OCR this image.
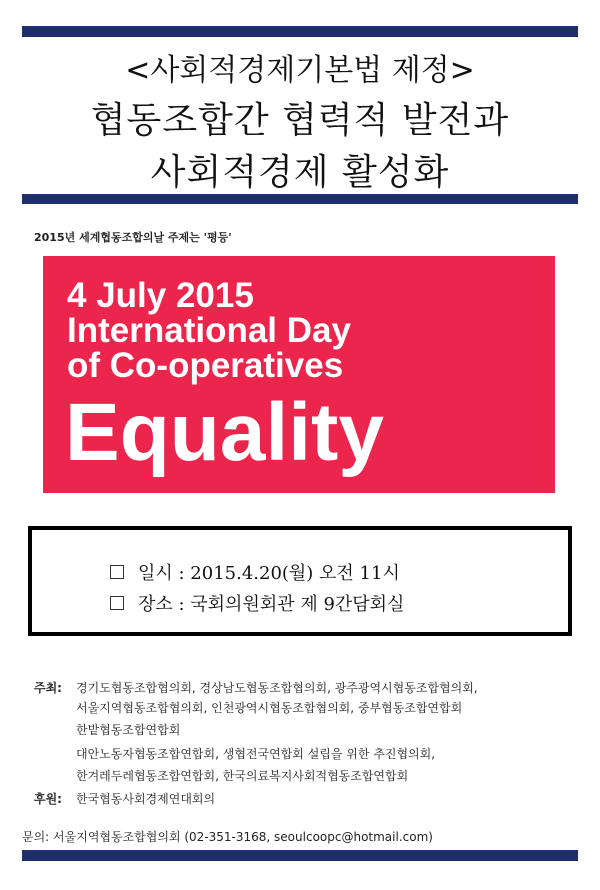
<사회적경제기본법 제정>
협동조합간 협력적 발전과
사회적경제 활성화
2015년 세계협동조합의날 주제는 '평등'
4 July 2015
International Day
of Co-operatives
Equality
일시 : 2015.4.20(월) 오전 11시
장소 : 국회의원회관 제 9간담회실
주최: 경기도협동조합협의회, 경상남도협동조합협의회, 광주광역시협동조합협의회,
서울지역협동조합협의회, 인천광역시협동조합협의회, 중부협동조합연합회
한밭협동조합연합회
대안노동자협동조합연합회, 생협전국연합회 설립을 위한 추진협의회,
한겨레두레협동조합연합회, 한국의료복지사회적협동조합연합회
후원: 한국협동사회경제연대회의
문의: 서울지역협동조합협의회 (02-351-3168, seoulcoopc@hotmail.com)
